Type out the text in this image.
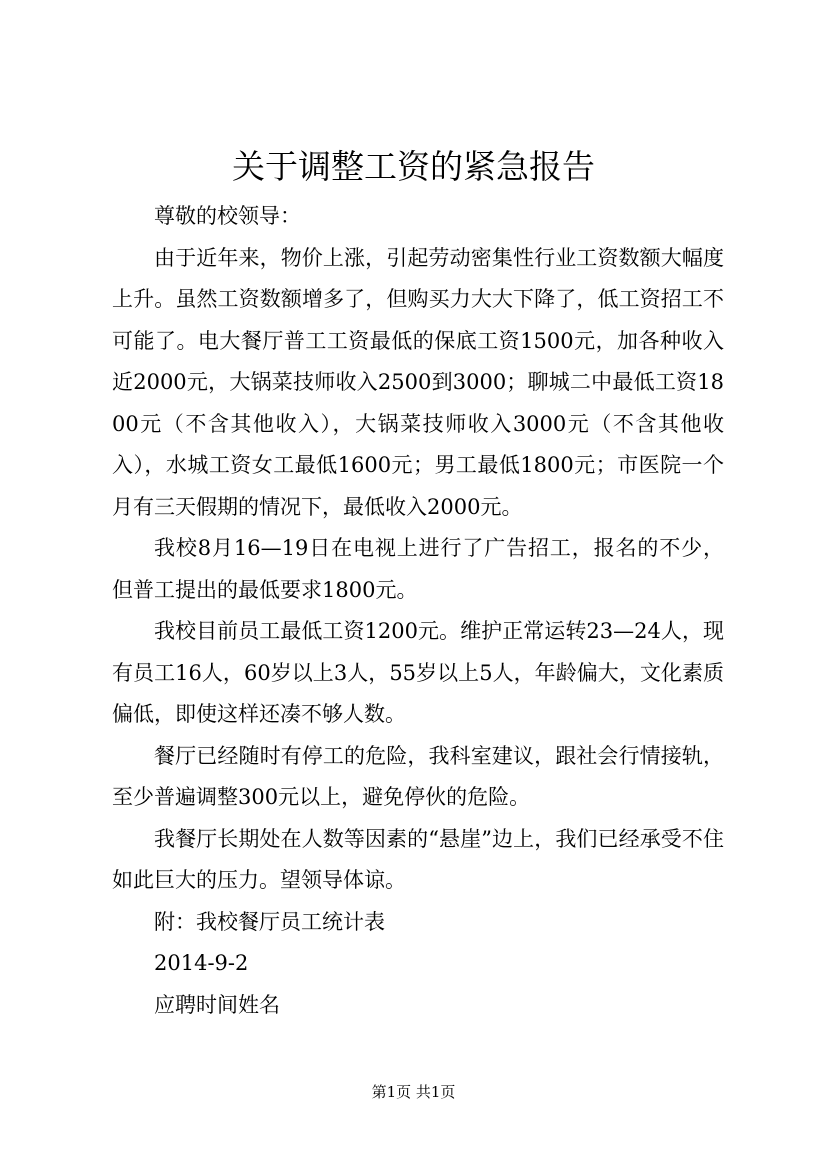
关于调整工资的紧急报告

尊敬的校领导：

由于近年来，物价上涨，引起劳动密集性行业工资数额大幅度上升。虽然工资数额增多了，但购买力大大下降了，低工资招工不可能了。电大餐厅普工工资最低的保底工资1500元，加各种收入近2000元，大锅菜技师收入2500到3000；聊城二中最低工资1800元（不含其他收入），大锅菜技师收入3000元（不含其他收入），水城工资女工最低1600元；男工最低1800元；市医院一个月有三天假期的情况下，最低收入2000元。

我校8月16—19日在电视上进行了广告招工，报名的不少，但普工提出的最低要求1800元。

我校目前员工最低工资1200元。维护正常运转23—24人，现有员工16人，60岁以上3人，55岁以上5人，年龄偏大，文化素质偏低，即使这样还凑不够人数。

餐厅已经随时有停工的危险，我科室建议，跟社会行情接轨，至少普遍调整300元以上，避免停伙的危险。

我餐厅长期处在人数等因素的“悬崖”边上，我们已经承受不住如此巨大的压力。望领导体谅。

附：我校餐厅员工统计表

2014-9-2

应聘时间姓名

第1页 共1页
